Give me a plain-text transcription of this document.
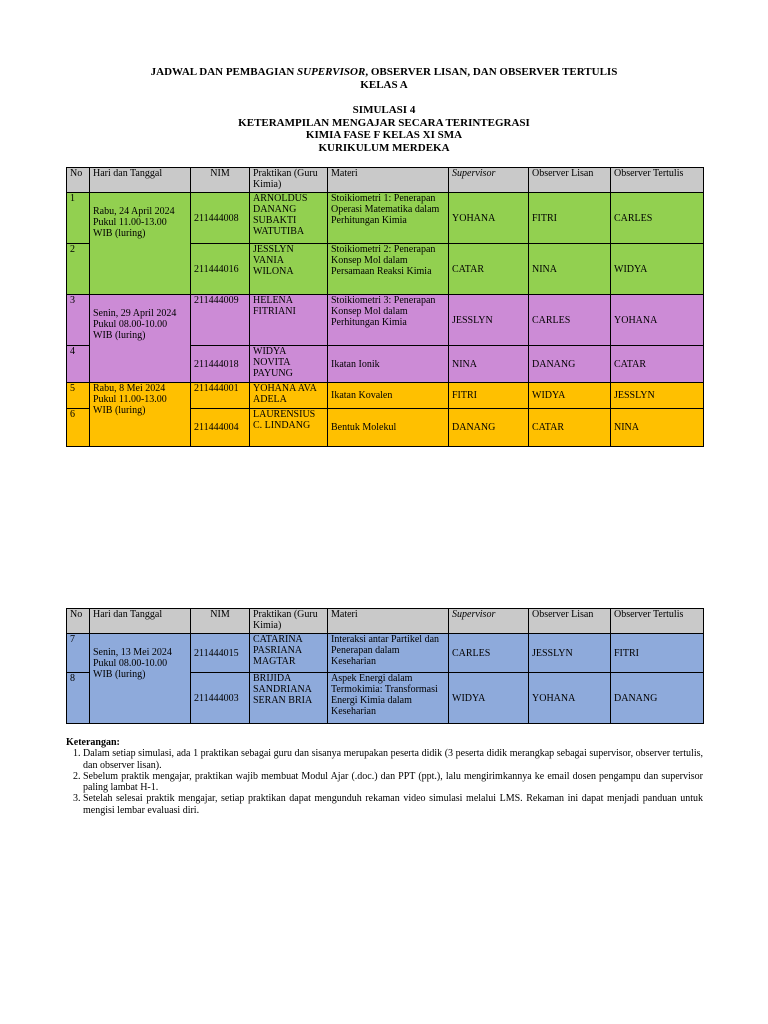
JADWAL DAN PEMBAGIAN SUPERVISOR, OBSERVER LISAN, DAN OBSERVER TERTULIS

KELAS A

SIMULASI 4

KETERAMPILAN MENGAJAR SECARA TERINTEGRASI

KIMIA FASE F KELAS XI SMA

KURIKULUM MERDEKA

No	Hari dan Tanggal	NIM	Praktikan (Guru Kimia)	Materi	Supervisor	Observer Lisan	Observer Tertulis
1	Rabu, 24 April 2024 Pukul 11.00-13.00 WIB (luring)	211444008	ARNOLDUS DANANG SUBAKTI WATUTIBA	Stoikiometri 1: Penerapan Operasi Matematika dalam Perhitungan Kimia	YOHANA	FITRI	CARLES
2		211444016	JESSLYN VANIA WILONA	Stoikiometri 2: Penerapan Konsep Mol dalam Persamaan Reaksi Kimia	CATAR	NINA	WIDYA
3	Senin, 29 April 2024 Pukul 08.00-10.00 WIB (luring)	211444009	HELENA FITRIANI	Stoikiometri 3: Penerapan Konsep Mol dalam Perhitungan Kimia	JESSLYN	CARLES	YOHANA
4		211444018	WIDYA NOVITA PAYUNG	Ikatan Ionik	NINA	DANANG	CATAR
5	Rabu, 8 Mei 2024 Pukul 11.00-13.00 WIB (luring)	211444001	YOHANA AVA ADELA	Ikatan Kovalen	FITRI	WIDYA	JESSLYN
6		211444004	LAURENSIUS C. LINDANG	Bentuk Molekul	DANANG	CATAR	NINA
No	Hari dan Tanggal	NIM	Praktikan (Guru Kimia)	Materi	Supervisor	Observer Lisan	Observer Tertulis
7	Senin, 13 Mei 2024 Pukul 08.00-10.00 WIB (luring)	211444015	CATARINA PASRIANA MAGTAR	Interaksi antar Partikel dan Penerapan dalam Keseharian	CARLES	JESSLYN	FITRI
8		211444003	BRIJIDA SANDRIANA SERAN BRIA	Aspek Energi dalam Termokimia: Transformasi Energi Kimia dalam Keseharian	WIDYA	YOHANA	DANANG
Keterangan:
1. Dalam setiap simulasi, ada 1 praktikan sebagai guru dan sisanya merupakan peserta didik (3 peserta didik merangkap sebagai supervisor, observer tertulis, dan observer lisan).
2. Sebelum praktik mengajar, praktikan wajib membuat Modul Ajar (.doc.) dan PPT (ppt.), lalu mengirimkannya ke email dosen pengampu dan supervisor paling lambat H-1.
3. Setelah selesai praktik mengajar, setiap praktikan dapat mengunduh rekaman video simulasi melalui LMS. Rekaman ini dapat menjadi panduan untuk mengisi lembar evaluasi diri.
